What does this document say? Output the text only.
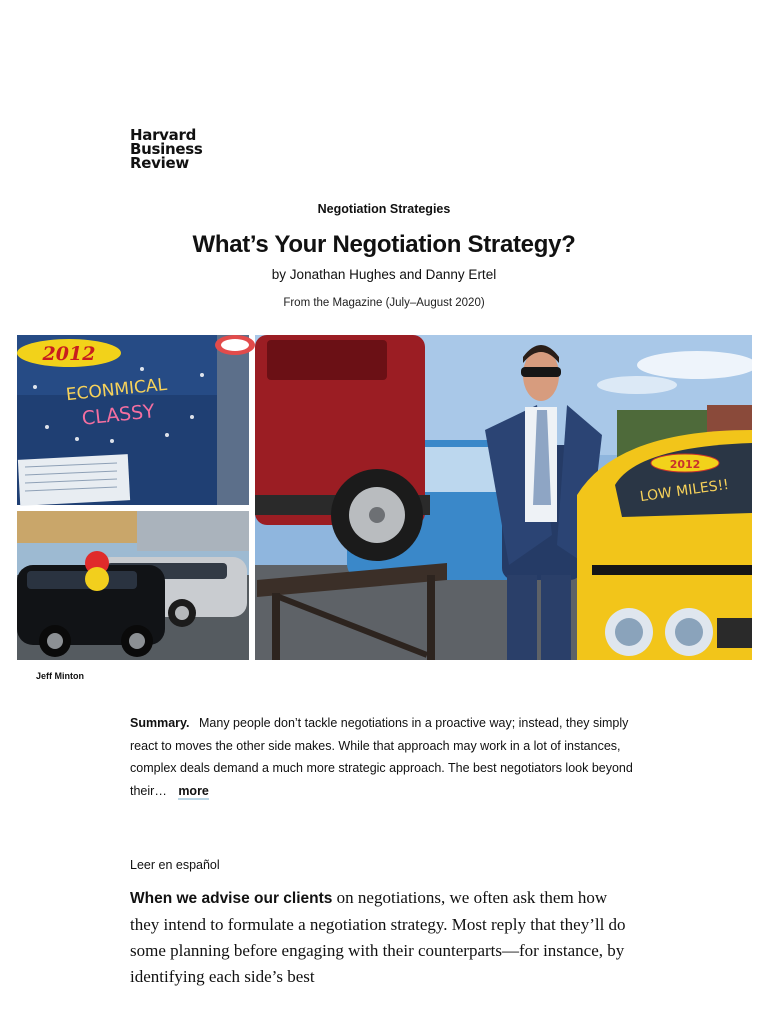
Harvard
Business
Review
Negotiation Strategies
What’s Your Negotiation Strategy?
by Jonathan Hughes and Danny Ertel
From the Magazine (July–August 2020)
2012
ECONMICAL
CLASSY
2012
LOW MILES!!
Jeff Minton
Summary. Many people don’t tackle negotiations in a proactive way; instead, they simply react to moves the other side makes. While that approach may work in a lot of instances, complex deals demand a much more strategic approach. The best negotiators look beyond their… more
Leer en español
When we advise our clients on negotiations, we often ask them how they intend to formulate a negotiation strategy. Most reply that they’ll do some planning before engaging with their counterparts—for instance, by identifying each side’s best
